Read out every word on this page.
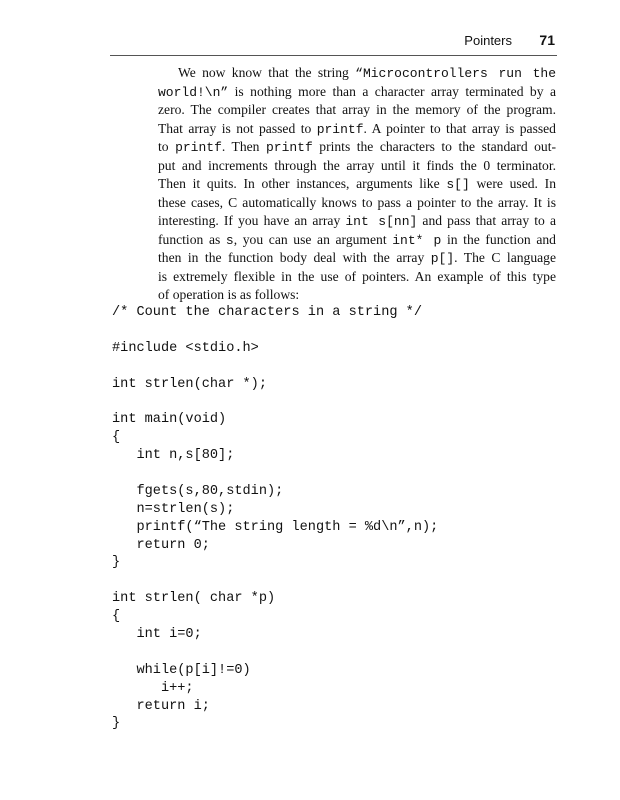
Pointers 71
We now know that the string “Microcontrollers run the
world!\n” is nothing more than a character array terminated by a
zero. The compiler creates that array in the memory of the program.
That array is not passed to printf. A pointer to that array is passed
to printf. Then printf prints the characters to the standard out-
put and increments through the array until it finds the 0 terminator.
Then it quits. In other instances, arguments like s[] were used. In
these cases, C automatically knows to pass a pointer to the array. It is
interesting. If you have an array int s[nn] and pass that array to a
function as s, you can use an argument int* p in the function and
then in the function body deal with the array p[]. The C language
is extremely flexible in the use of pointers. An example of this type
of operation is as follows:
/* Count the characters in a string */
#include <stdio.h>
int strlen(char *);
int main(void)
{
int n,s[80];
fgets(s,80,stdin);
n=strlen(s);
printf(“The string length = %d\n”,n);
return 0;
}
int strlen( char *p)
{
int i=0;
while(p[i]!=0)
i++;
return i;
}
